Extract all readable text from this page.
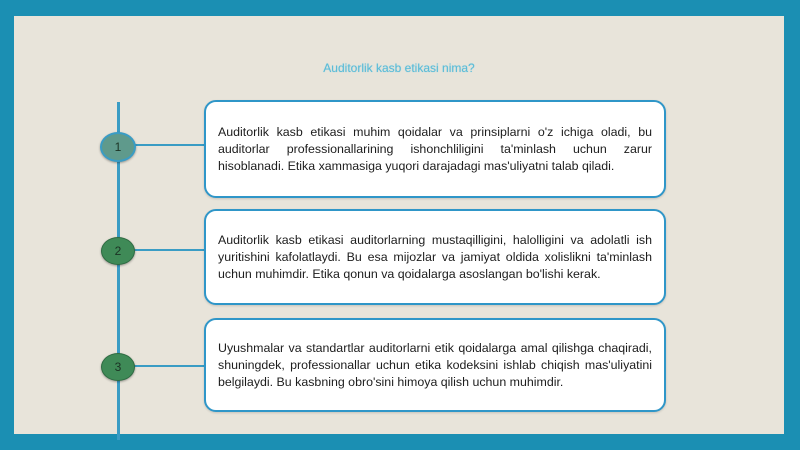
Auditorlik kasb etikasi nima?
1

Auditorlik kasb etikasi muhim qoidalar va prinsiplarni o'z ichiga oladi, bu auditorlar professionallarining ishonchliligini ta'minlash uchun zarur hisoblanadi. Etika xammasiga yuqori darajadagi mas'uliyatni talab qiladi.

2

Auditorlik kasb etikasi auditorlarning mustaqilligini, halolligini va adolatli ish yuritishini kafolatlaydi. Bu esa mijozlar va jamiyat oldida xolislikni ta'minlash uchun muhimdir. Etika qonun va qoidalarga asoslangan bo'lishi kerak.

3

Uyushmalar va standartlar auditorlarni etik qoidalarga amal qilishga chaqiradi, shuningdek, professionallar uchun etika kodeksini ishlab chiqish mas'uliyatini belgilaydi. Bu kasbning obro'sini himoya qilish uchun muhimdir.
